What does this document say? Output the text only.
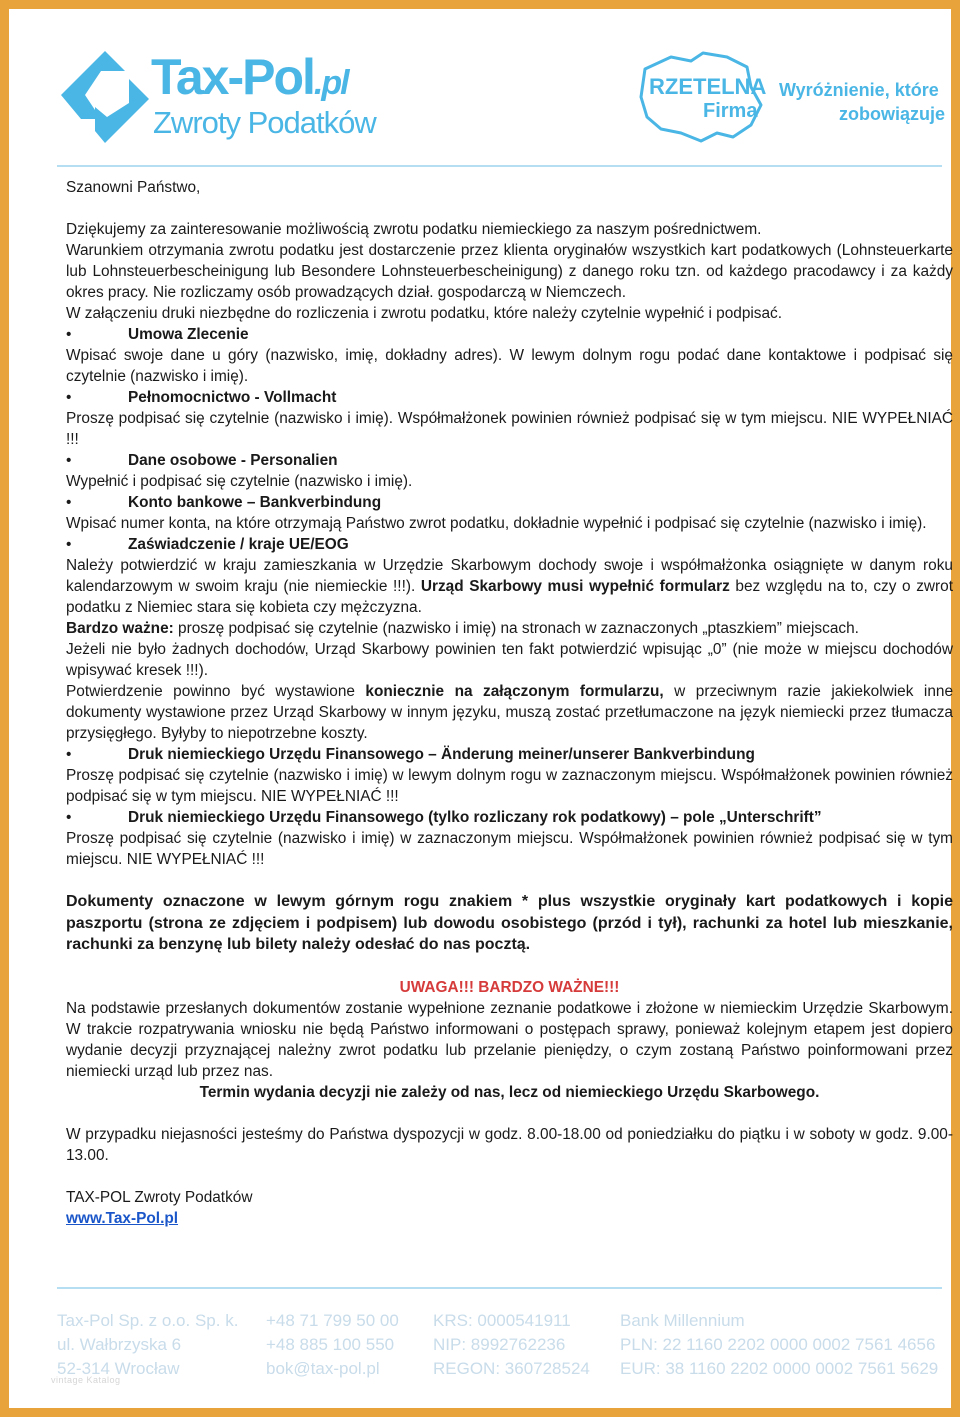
Tax-Pol.pl
Zwroty Podatków
RZETELNA
Firma
Wyróżnienie, które
zobowiązuje

Szanowni Państwo,

Dziękujemy za zainteresowanie możliwością zwrotu podatku niemieckiego za naszym pośrednictwem.

Warunkiem otrzymania zwrotu podatku jest dostarczenie przez klienta oryginałów wszystkich kart podatkowych (Lohnsteuerkarte lub Lohnsteuerbescheinigung lub Besondere Lohnsteuerbescheinigung) z danego roku tzn. od każdego pracodawcy i za każdy okres pracy. Nie rozliczamy osób prowadzących dział. gospodarczą w Niemczech.

W załączeniu druki niezbędne do rozliczenia i zwrotu podatku, które należy czytelnie wypełnić i podpisać.

• Umowa Zlecenie

Wpisać swoje dane u góry (nazwisko, imię, dokładny adres). W lewym dolnym rogu podać dane kontaktowe i podpisać się czytelnie (nazwisko i imię).

• Pełnomocnictwo - Vollmacht

Proszę podpisać się czytelnie (nazwisko i imię). Współmałżonek powinien również podpisać się w tym miejscu. NIE WYPEŁNIAĆ !!!

• Dane osobowe - Personalien

Wypełnić i podpisać się czytelnie (nazwisko i imię).

• Konto bankowe – Bankverbindung

Wpisać numer konta, na które otrzymają Państwo zwrot podatku, dokładnie wypełnić i podpisać się czytelnie (nazwisko i imię).

• Zaświadczenie / kraje UE/EOG

Należy potwierdzić w kraju zamieszkania w Urzędzie Skarbowym dochody swoje i współmałżonka osiągnięte w danym roku kalendarzowym w swoim kraju (nie niemieckie !!!). Urząd Skarbowy musi wypełnić formularz bez względu na to, czy o zwrot podatku z Niemiec stara się kobieta czy mężczyzna.

Bardzo ważne: proszę podpisać się czytelnie (nazwisko i imię) na stronach w zaznaczonych „ptaszkiem” miejscach.

Jeżeli nie było żadnych dochodów, Urząd Skarbowy powinien ten fakt potwierdzić wpisując „0” (nie może w miejscu dochodów wpisywać kresek !!!).

Potwierdzenie powinno być wystawione koniecznie na załączonym formularzu, w przeciwnym razie jakiekolwiek inne dokumenty wystawione przez Urząd Skarbowy w innym języku, muszą zostać przetłumaczone na język niemiecki przez tłumacza przysięgłego. Byłyby to niepotrzebne koszty.

• Druk niemieckiego Urzędu Finansowego – Änderung meiner/unserer Bankverbindung

Proszę podpisać się czytelnie (nazwisko i imię) w lewym dolnym rogu w zaznaczonym miejscu. Współmałżonek powinien również podpisać się w tym miejscu. NIE WYPEŁNIAĆ !!!

• Druk niemieckiego Urzędu Finansowego (tylko rozliczany rok podatkowy) – pole „Unterschrift”

Proszę podpisać się czytelnie (nazwisko i imię) w zaznaczonym miejscu. Współmałżonek powinien również podpisać się w tym miejscu. NIE WYPEŁNIAĆ !!!

Dokumenty oznaczone w lewym górnym rogu znakiem * plus wszystkie oryginały kart podatkowych i kopie paszportu (strona ze zdjęciem i podpisem) lub dowodu osobistego (przód i tył), rachunki za hotel lub mieszkanie, rachunki za benzynę lub bilety należy odesłać do nas pocztą.

UWAGA!!! BARDZO WAŻNE!!!

Na podstawie przesłanych dokumentów zostanie wypełnione zeznanie podatkowe i złożone w niemieckim Urzędzie Skarbowym. W trakcie rozpatrywania wniosku nie będą Państwo informowani o postępach sprawy, ponieważ kolejnym etapem jest dopiero wydanie decyzji przyznającej należny zwrot podatku lub przelanie pieniędzy, o czym zostaną Państwo poinformowani przez niemiecki urząd lub przez nas.

Termin wydania decyzji nie zależy od nas, lecz od niemieckiego Urzędu Skarbowego.

W przypadku niejasności jesteśmy do Państwa dyspozycji w godz. 8.00-18.00 od poniedziałku do piątku i w soboty w godz. 9.00-13.00.

TAX-POL Zwroty Podatków

www.Tax-Pol.pl

Tax-Pol Sp. z o.o. Sp. k.
ul. Wałbrzyska 6
52-314 Wrocław
+48 71 799 50 00
+48 885 100 550
bok@tax-pol.pl
KRS: 0000541911
NIP: 8992762236
REGON: 360728524
Bank Millennium
PLN: 22 1160 2202 0000 0002 7561 4656
EUR: 38 1160 2202 0000 0002 7561 5629
vintage Katalog
